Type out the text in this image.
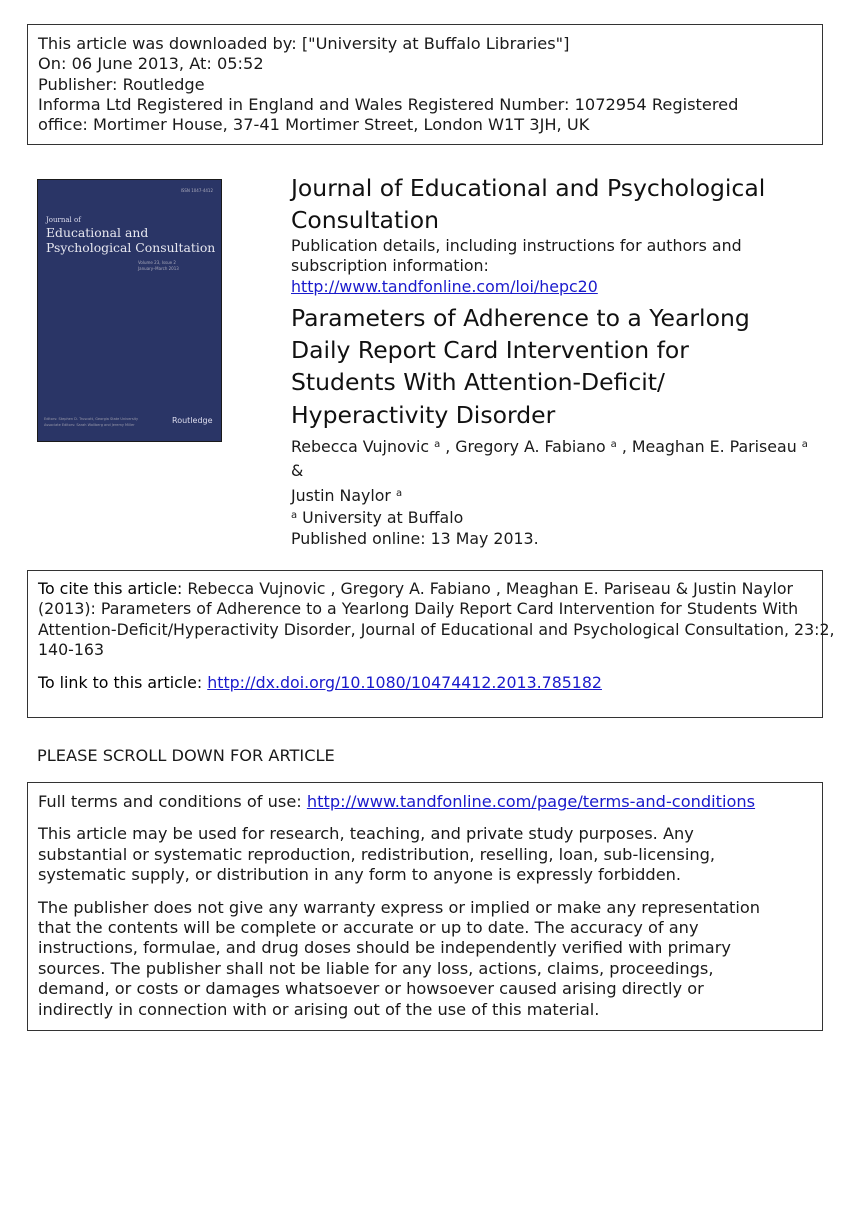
This article was downloaded by: ["University at Buffalo Libraries"]
On: 06 June 2013, At: 05:52
Publisher: Routledge
Informa Ltd Registered in England and Wales Registered Number: 1072954 Registered
office: Mortimer House, 37-41 Mortimer Street, London W1T 3JH, UK
ISSN 1047-4412
Journal of
Educational and
Psychological Consultation
Volume 23, Issue 2
January–March 2013
Editors: Stephen D. Truscott, Georgia State University
Associate Editors: Sarah Wollberg and Jeremy Miller	Routledge
Journal of Educational and Psychological
Consultation
Publication details, including instructions for authors and
subscription information:
http://www.tandfonline.com/loi/hepc20
Parameters of Adherence to a Yearlong
Daily Report Card Intervention for
Students With Attention-Deficit/
Hyperactivity Disorder
Rebecca Vujnovic $^a$ , Gregory A. Fabiano $^a$ , Meaghan E. Pariseau $^a$ &
Justin Naylor $^a$
$^a$ University at Buffalo
Published online: 13 May 2013.
To cite this article: Rebecca Vujnovic , Gregory A. Fabiano , Meaghan E. Pariseau & Justin Naylor
(2013): Parameters of Adherence to a Yearlong Daily Report Card Intervention for Students With
Attention-Deficit/Hyperactivity Disorder, Journal of Educational and Psychological Consultation, 23:2,
140-163
To link to this article: http://dx.doi.org/10.1080/10474412.2013.785182
PLEASE SCROLL DOWN FOR ARTICLE
Full terms and conditions of use: http://www.tandfonline.com/page/terms-and-conditions
This article may be used for research, teaching, and private study purposes. Any
substantial or systematic reproduction, redistribution, reselling, loan, sub-licensing,
systematic supply, or distribution in any form to anyone is expressly forbidden.
The publisher does not give any warranty express or implied or make any representation
that the contents will be complete or accurate or up to date. The accuracy of any
instructions, formulae, and drug doses should be independently verified with primary
sources. The publisher shall not be liable for any loss, actions, claims, proceedings,
demand, or costs or damages whatsoever or howsoever caused arising directly or
indirectly in connection with or arising out of the use of this material.
